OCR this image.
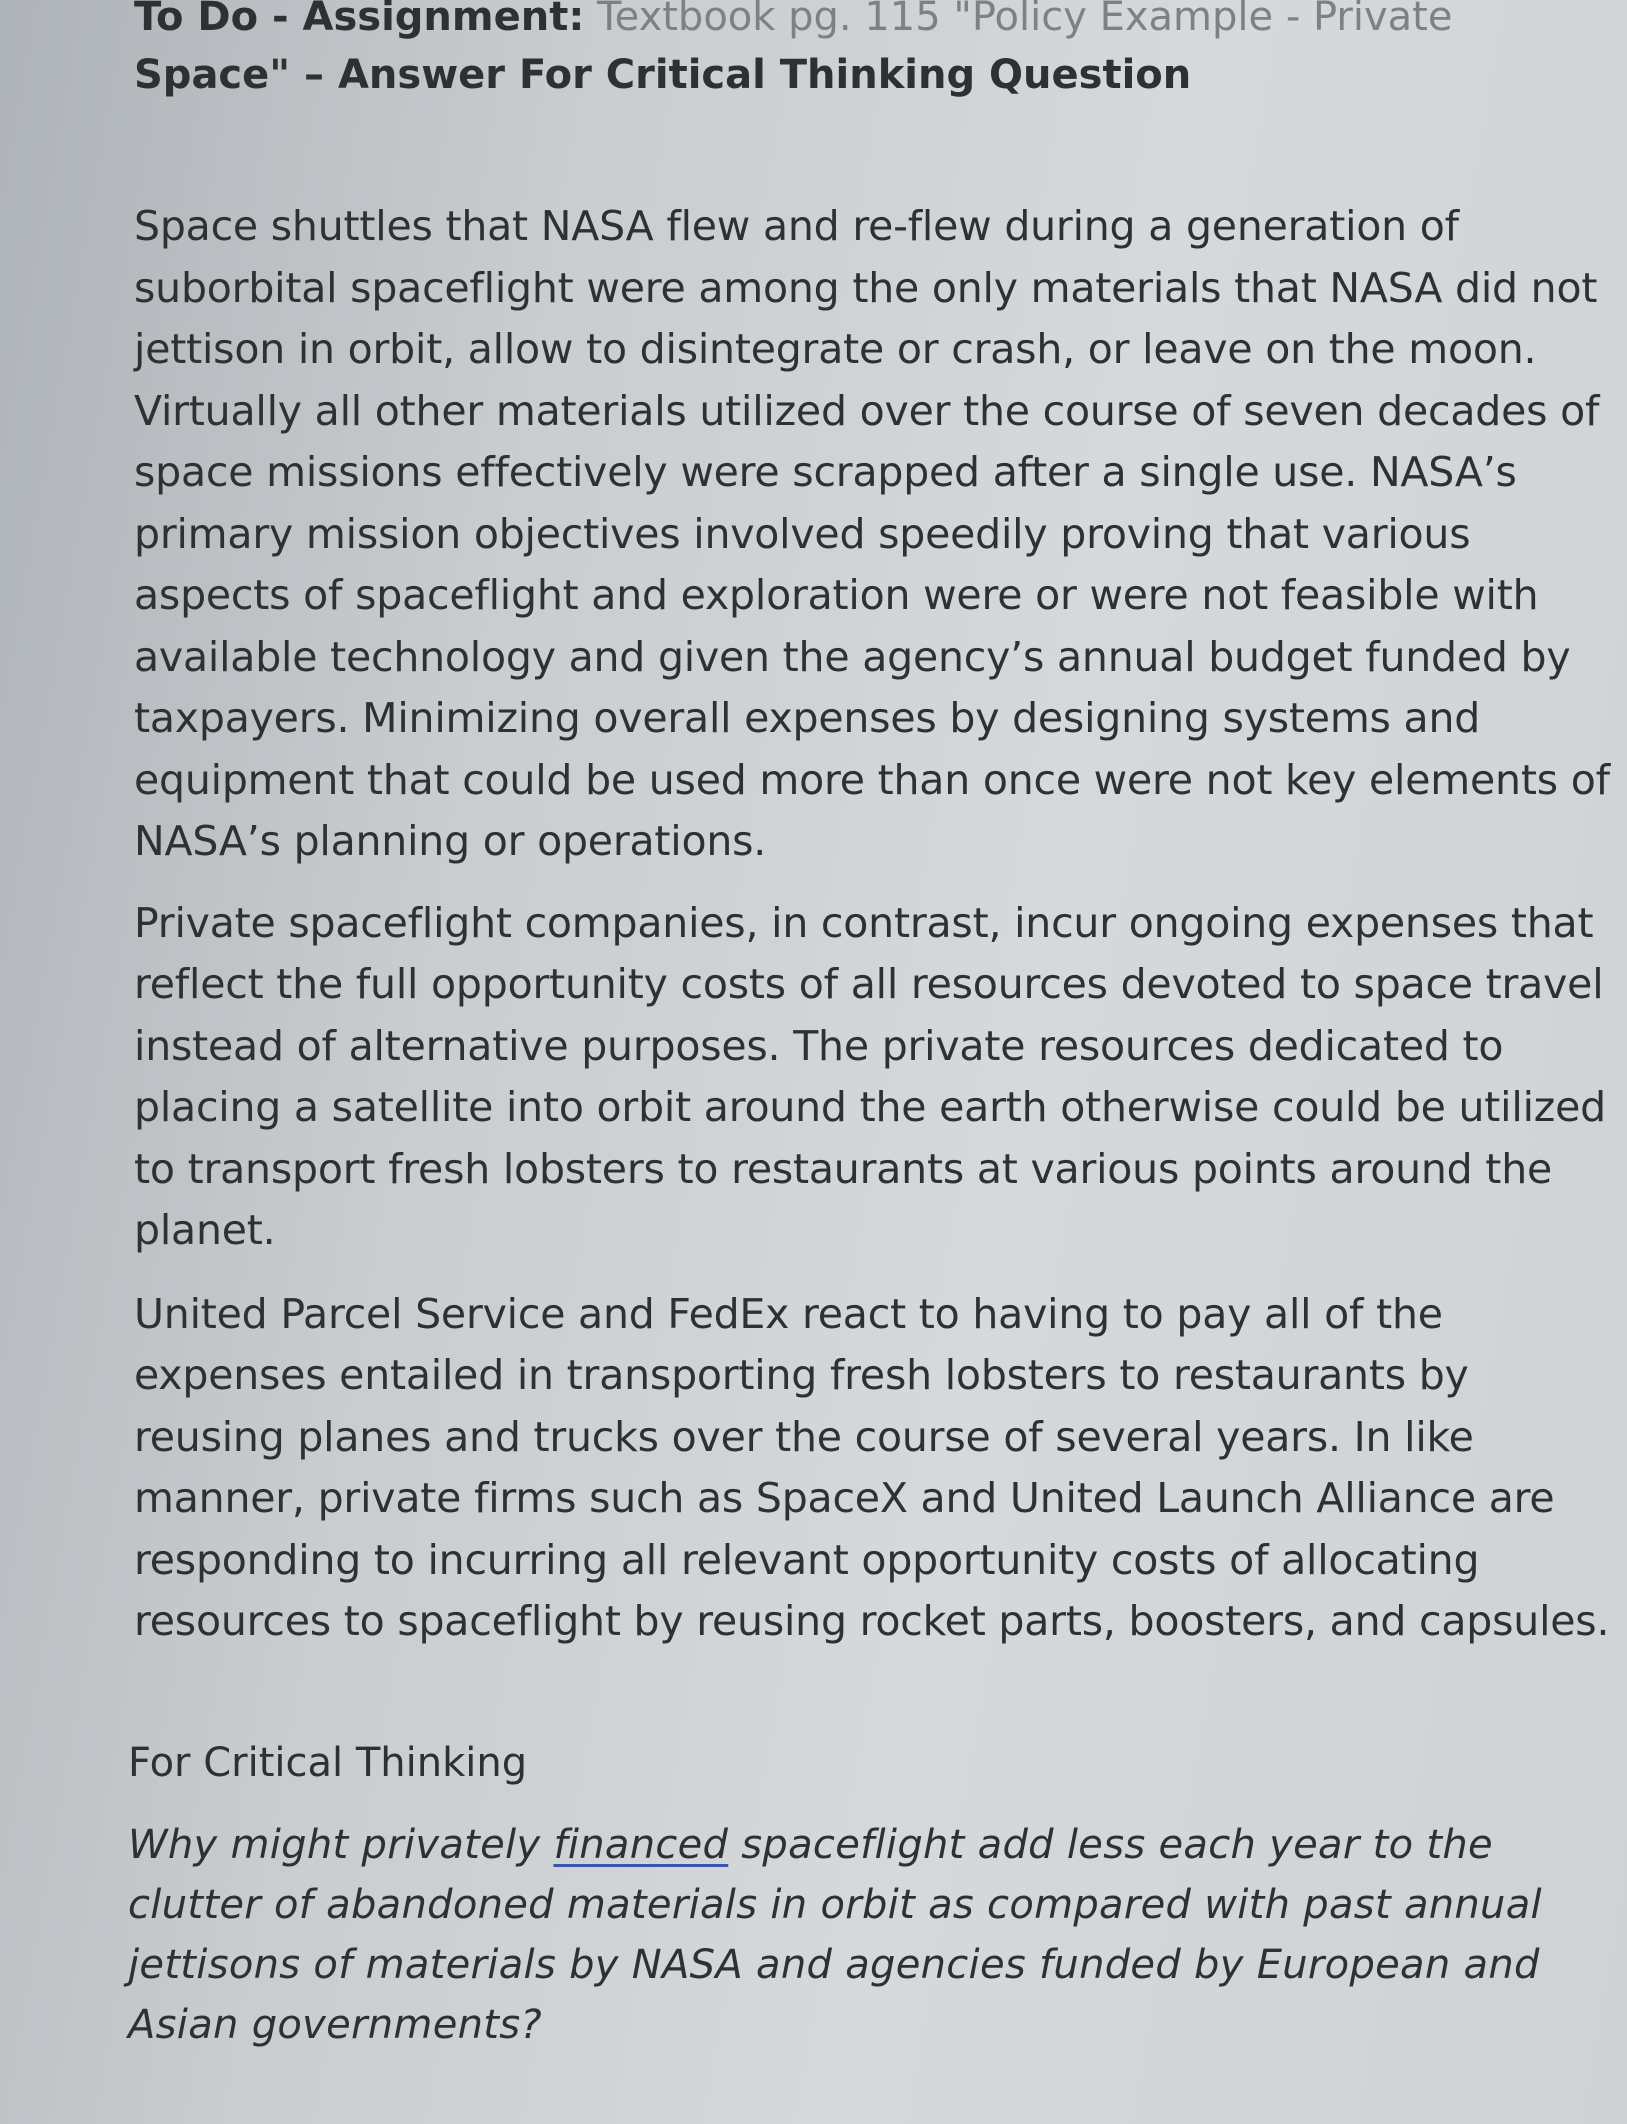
To Do - Assignment: Textbook pg. 115 "Policy Example - Private
Space" – Answer For Critical Thinking Question

Space shuttles that NASA flew and re-flew during a generation of suborbital spaceflight were among the only materials that NASA did not jettison in orbit, allow to disintegrate or crash, or leave on the moon. Virtually all other materials utilized over the course of seven decades of space missions effectively were scrapped after a single use. NASA’s primary mission objectives involved speedily proving that various aspects of spaceflight and exploration were or were not feasible with available technology and given the agency’s annual budget funded by taxpayers. Minimizing overall expenses by designing systems and equipment that could be used more than once were not key elements of NASA’s planning or operations.

Private spaceflight companies, in contrast, incur ongoing expenses that reflect the full opportunity costs of all resources devoted to space travel instead of alternative purposes. The private resources dedicated to placing a satellite into orbit around the earth otherwise could be utilized to transport fresh lobsters to restaurants at various points around the planet.

United Parcel Service and FedEx react to having to pay all of the expenses entailed in transporting fresh lobsters to restaurants by reusing planes and trucks over the course of several years. In like manner, private firms such as SpaceX and United Launch Alliance are responding to incurring all relevant opportunity costs of allocating resources to spaceflight by reusing rocket parts, boosters, and capsules.

For Critical Thinking

Why might privately financed spaceflight add less each year to the clutter of abandoned materials in orbit as compared with past annual jettisons of materials by NASA and agencies funded by European and Asian governments?
